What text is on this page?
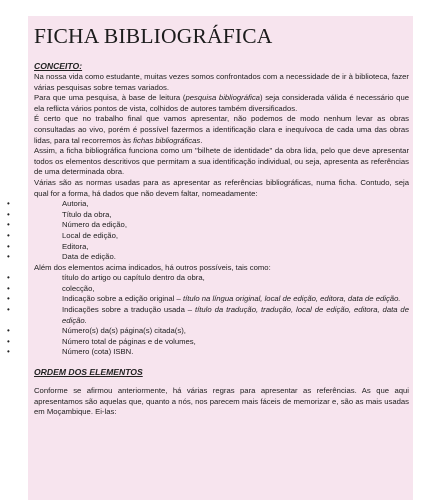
FICHA BIBLIOGRÁFICA
CONCEITO:

Na nossa vida como estudante, muitas vezes somos confrontados com a necessidade de ir à biblioteca, fazer várias pesquisas sobre temas variados.

Para que uma pesquisa, à base de leitura (pesquisa bibliográfica) seja considerada válida é necessário que ela reflicta vários pontos de vista, colhidos de autores também diversificados.

É certo que no trabalho final que vamos apresentar, não podemos de modo nenhum levar as obras consultadas ao vivo, porém é possível fazermos a identificação clara e inequívoca de cada uma das obras lidas, para tal recorremos às fichas bibliográficas.

Assim, a ficha bibliográfica funciona como um "bilhete de identidade" da obra lida, pelo que deve apresentar todos os elementos descritivos que permitam a sua identificação individual, ou seja, apresenta as referências de uma determinada obra.

Várias são as normas usadas para as apresentar as referências bibliográficas, numa ficha. Contudo, seja qual for a forma, há dados que não devem faltar, nomeadamente:

•	Autoria,
•	Título da obra,
•	Número da edição,
•	Local de edição,
•	Editora,
•	Data de edição.

Além dos elementos acima indicados, há outros possíveis, tais como:

•	título do artigo ou capítulo dentro da obra,
•	colecção,
•	Indicação sobre a edição original – título na língua original, local de edição, editora, data de edição.
•	Indicações sobre a tradução usada – título da tradução, tradução, local de edição, editora, data de edição.
•	Número(s) da(s) página(s) citada(s),
•	Número total de páginas e de volumes,
•	Número (cota) ISBN.
ORDEM DOS ELEMENTOS

Conforme se afirmou anteriormente, há várias regras para apresentar as referências. As que aqui apresentamos são aquelas que, quanto a nós, nos parecem mais fáceis de memorizar e, são as mais usadas em Moçambique. Ei-las:
